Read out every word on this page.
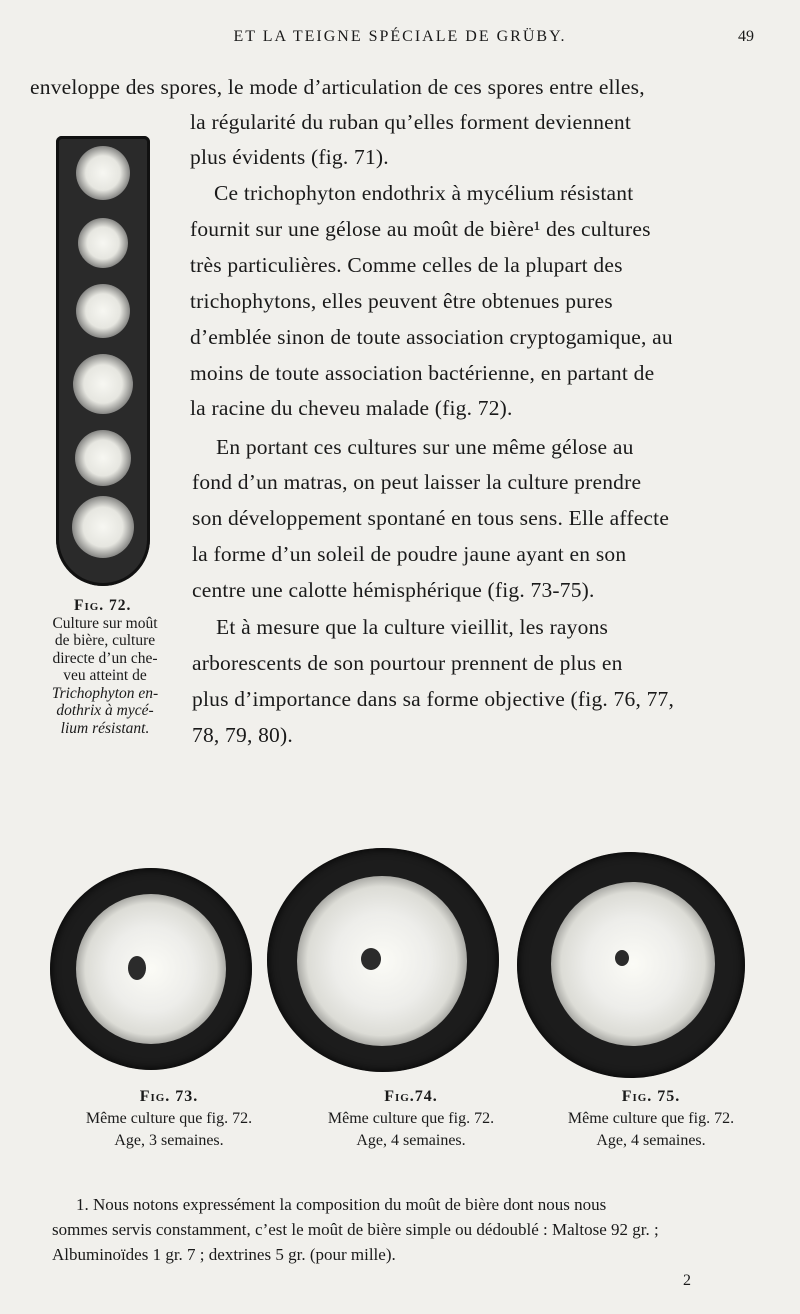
ET LA TEIGNE SPÉCIALE DE GRÜBY.	49
enveloppe des spores, le mode d’articulation de ces spores entre elles,
la régularité du ruban qu’elles forment deviennent
plus évidents (fig. 71).
Ce trichophyton endothrix à mycélium résistant
fournit sur une gélose au moût de bière¹ des cultures
très particulières. Comme celles de la plupart des
trichophytons, elles peuvent être obtenues pures
d’emblée sinon de toute association cryptogamique, au
moins de toute association bactérienne, en partant de
la racine du cheveu malade (fig. 72).
En portant ces cultures sur une même gélose au
fond d’un matras, on peut laisser la culture prendre
son développement spontané en tous sens. Elle affecte
la forme d’un soleil de poudre jaune ayant en son
centre une calotte hémisphérique (fig. 73-75).
Et à mesure que la culture vieillit, les rayons
arborescents de son pourtour prennent de plus en
plus d’importance dans sa forme objective (fig. 76, 77,
78, 79, 80).
Fig. 72.
Culture sur moût
de bière, culture
directe d’un che-
veu atteint de
Trichophyton en-
dothrix à mycé-
lium résistant.
Fig. 73.
Même culture que fig. 72.
Age, 3 semaines.
Fig.74.
Même culture que fig. 72.
Age, 4 semaines.
Fig. 75.
Même culture que fig. 72.
Age, 4 semaines.
1. Nous notons expressément la composition du moût de bière dont nous nous
sommes servis constamment, c’est le moût de bière simple ou dédoublé : Maltose 92 gr. ;
Albuminoïdes 1 gr. 7 ; dextrines 5 gr. (pour mille).
2
